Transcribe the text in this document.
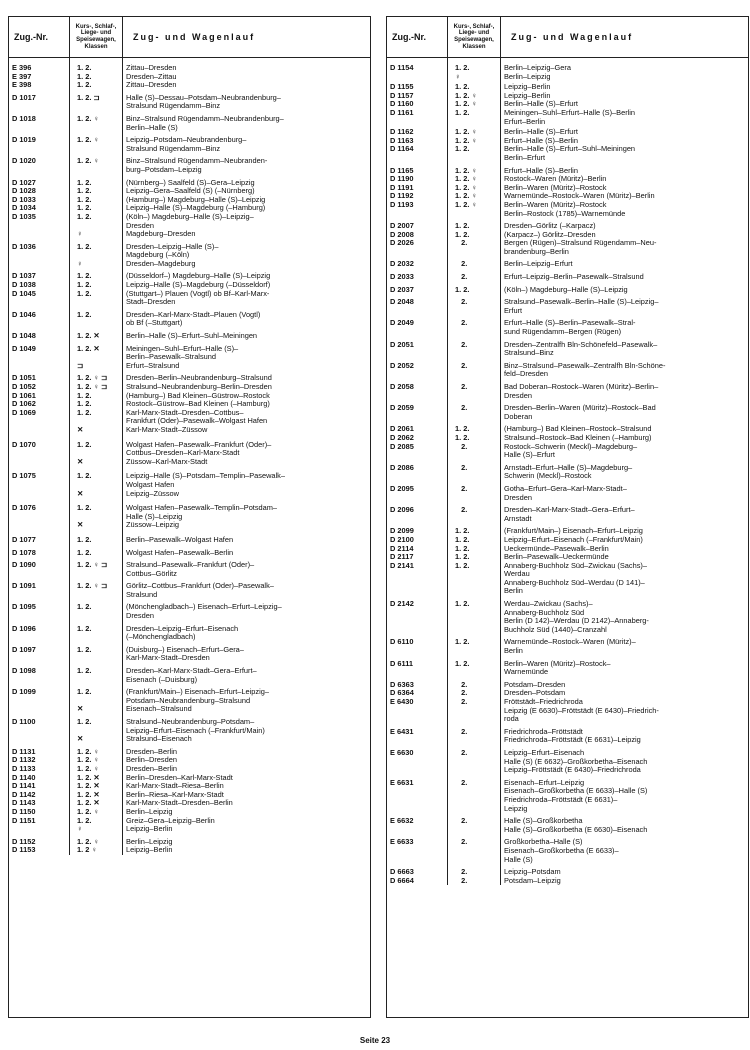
Zug.-Nr.
Kurs-, Schlaf-,
Liege- und
Speisewagen,
Klassen
Zug- und Wagenlauf
E 396	1. 2.	Zittau–Dresden
E 397	1. 2.	Dresden–Zittau
E 398	1. 2.	Zittau–Dresden
D 1017	1. 2. ⊐	Halle (S)–Dessau–Potsdam–Neubrandenburg–
Stralsund Rügendamm–Binz
D 1018	1. 2. ♀	Binz–Stralsund Rügendamm–Neubrandenburg–
Berlin–Halle (S)
D 1019	1. 2. ♀	Leipzig–Potsdam–Neubrandenburg–
Stralsund Rügendamm–Binz
D 1020	1. 2. ♀	Binz–Stralsund Rügendamm–Neubranden-
burg–Potsdam–Leipzig
D 1027	1. 2.	(Nürnberg–) Saalfeld (S)–Gera–Leipzig
D 1028	1. 2.	Leipzig–Gera–Saalfeld (S) (–Nürnberg)
D 1033	1. 2.	(Hamburg–) Magdeburg–Halle (S)–Leipzig
D 1034	1. 2.	Leipzig–Halle (S)–Magdeburg (–Hamburg)
D 1035	1. 2.	(Köln–) Magdeburg–Halle (S)–Leipzig–
Dresden
♀	Magdeburg–Dresden
D 1036	1. 2.	Dresden–Leipzig–Halle (S)–
Magdeburg (–Köln)
♀	Dresden–Magdeburg
D 1037	1. 2.	(Düsseldorf–) Magdeburg–Halle (S)–Leipzig
D 1038	1. 2.	Leipzig–Halle (S)–Magdeburg (–Düsseldorf)
D 1045	1. 2.	(Stuttgart–) Plauen (Vogtl) ob Bf–Karl-Marx-
Stadt–Dresden
D 1046	1. 2.	Dresden–Karl-Marx-Stadt–Plauen (Vogtl)
ob Bf (–Stuttgart)
D 1048	1. 2. ✕	Berlin–Halle (S)–Erfurt–Suhl–Meiningen
D 1049	1. 2. ✕	Meiningen–Suhl–Erfurt–Halle (S)–
Berlin–Pasewalk–Stralsund
⊐	Erfurt–Stralsund
D 1051	1. 2. ♀ ⊐	Dresden–Berlin–Neubrandenburg–Stralsund
D 1052	1. 2. ♀ ⊐	Stralsund–Neubrandenburg–Berlin–Dresden
D 1061	1. 2.	(Hamburg–) Bad Kleinen–Güstrow–Rostock
D 1062	1. 2.	Rostock–Güstrow–Bad Kleinen (–Hamburg)
D 1069	1. 2.	Karl-Marx-Stadt–Dresden–Cottbus–
Frankfurt (Oder)–Pasewalk–Wolgast Hafen
✕	Karl-Marx-Stadt–Züssow
D 1070	1. 2.	Wolgast Hafen–Pasewalk–Frankfurt (Oder)–
Cottbus–Dresden–Karl-Marx-Stadt
✕	Züssow–Karl-Marx-Stadt
D 1075	1. 2.	Leipzig–Halle (S)–Potsdam–Templin–Pasewalk–
Wolgast Hafen
✕	Leipzig–Züssow
D 1076	1. 2.	Wolgast Hafen–Pasewalk–Templin–Potsdam–
Halle (S)–Leipzig
✕	Züssow–Leipzig
D 1077	1. 2.	Berlin–Pasewalk–Wolgast Hafen
D 1078	1. 2.	Wolgast Hafen–Pasewalk–Berlin
D 1090	1. 2. ♀ ⊐	Stralsund–Pasewalk–Frankfurt (Oder)–
Cottbus–Görlitz
D 1091	1. 2. ♀ ⊐	Görlitz–Cottbus–Frankfurt (Oder)–Pasewalk–
Stralsund
D 1095	1. 2.	(Mönchengladbach–) Eisenach–Erfurt–Leipzig–
Dresden
D 1096	1. 2.	Dresden–Leipzig–Erfurt–Eisenach
(–Mönchengladbach)
D 1097	1. 2.	(Duisburg–) Eisenach–Erfurt–Gera–
Karl-Marx-Stadt–Dresden
D 1098	1. 2.	Dresden–Karl-Marx-Stadt–Gera–Erfurt–
Eisenach (–Duisburg)
D 1099	1. 2.	(Frankfurt/Main–) Eisenach–Erfurt–Leipzig–
Potsdam–Neubrandenburg–Stralsund
✕	Eisenach–Stralsund
D 1100	1. 2.	Stralsund–Neubrandenburg–Potsdam–
Leipzig–Erfurt–Eisenach (–Frankfurt/Main)
✕	Stralsund–Eisenach
D 1131	1. 2. ♀	Dresden–Berlin
D 1132	1. 2. ♀	Berlin–Dresden
D 1133	1. 2. ♀	Dresden–Berlin
D 1140	1. 2. ✕	Berlin–Dresden–Karl-Marx-Stadt
D 1141	1. 2. ✕	Karl-Marx-Stadt–Riesa–Berlin
D 1142	1. 2. ✕	Berlin–Riesa–Karl-Marx-Stadt
D 1143	1. 2. ✕	Karl-Marx-Stadt–Dresden–Berlin
D 1150	1. 2. ♀	Berlin–Leipzig
D 1151	1. 2.	Greiz–Gera–Leipzig–Berlin
♀	Leipzig–Berlin
D 1152	1. 2. ♀	Berlin–Leipzig
D 1153	1. 2 ♀	Leipzig–Berlin
Zug.-Nr.
Kurs-, Schlaf-,
Liege- und
Speisewagen,
Klassen
Zug- und Wagenlauf
D 1154	1. 2.	Berlin–Leipzig–Gera
♀	Berlin–Leipzig
D 1155	1. 2.	Leipzig–Berlin
D 1157	1. 2. ♀	Leipzig–Berlin
D 1160	1. 2. ♀	Berlin–Halle (S)–Erfurt
D 1161	1. 2.	Meiningen–Suhl–Erfurt–Halle (S)–Berlin
Erfurt–Berlin
D 1162	1. 2. ♀	Berlin–Halle (S)–Erfurt
D 1163	1. 2. ♀	Erfurt–Halle (S)–Berlin
D 1164	1. 2.	Berlin–Halle (S)–Erfurt–Suhl–Meiningen
Berlin–Erfurt
D 1165	1. 2. ♀	Erfurt–Halle (S)–Berlin
D 1190	1. 2. ♀	Rostock–Waren (Müritz)–Berlin
D 1191	1. 2. ♀	Berlin–Waren (Müritz)–Rostock
D 1192	1. 2. ♀	Warnemünde–Rostock–Waren (Müritz)–Berlin
D 1193	1. 2. ♀	Berlin–Waren (Müritz)–Rostock
Berlin–Rostock (1785)–Warnemünde
D 2007	1. 2.	Dresden–Görlitz (–Karpacz)
D 2008	1. 2.	(Karpacz–) Görlitz–Dresden
D 2026	2.	Bergen (Rügen)–Stralsund Rügendamm–Neu-
brandenburg–Berlin
D 2032	2.	Berlin–Leipzig–Erfurt
D 2033	2.	Erfurt–Leipzig–Berlin–Pasewalk–Stralsund
D 2037	1. 2.	(Köln–) Magdeburg–Halle (S)–Leipzig
D 2048	2.	Stralsund–Pasewalk–Berlin–Halle (S)–Leipzig–
Erfurt
D 2049	2.	Erfurt–Halle (S)–Berlin–Pasewalk–Stral-
sund Rügendamm–Bergen (Rügen)
D 2051	2.	Dresden–Zentralfh Bln-Schönefeld–Pasewalk–
Stralsund–Binz
D 2052	2.	Binz–Stralsund–Pasewalk–Zentralfh Bln-Schöne-
feld–Dresden
D 2058	2.	Bad Doberan–Rostock–Waren (Müritz)–Berlin–
Dresden
D 2059	2.	Dresden–Berlin–Waren (Müritz)–Rostock–Bad
Doberan
D 2061	1. 2.	(Hamburg–) Bad Kleinen–Rostock–Stralsund
D 2062	1. 2.	Stralsund–Rostock–Bad Kleinen (–Hamburg)
D 2085	2.	Rostock–Schwerin (Meckl)–Magdeburg–
Halle (S)–Erfurt
D 2086	2.	Arnstadt–Erfurt–Halle (S)–Magdeburg–
Schwerin (Meckl)–Rostock
D 2095	2.	Gotha–Erfurt–Gera–Karl-Marx-Stadt–
Dresden
D 2096	2.	Dresden–Karl-Marx-Stadt–Gera–Erfurt–
Arnstadt
D 2099	1. 2.	(Frankfurt/Main–) Eisenach–Erfurt–Leipzig
D 2100	1. 2.	Leipzig–Erfurt–Eisenach (–Frankfurt/Main)
D 2114	1. 2.	Ueckermünde–Pasewalk–Berlin
D 2117	1. 2.	Berlin–Pasewalk–Ueckermünde
D 2141	1. 2.	Annaberg-Buchholz Süd–Zwickau (Sachs)–
Werdau
Annaberg-Buchholz Süd–Werdau (D 141)–
Berlin
D 2142	1. 2.	Werdau–Zwickau (Sachs)–
Annaberg-Buchholz Süd
Berlin (D 142)–Werdau (D 2142)–Annaberg-
Buchholz Süd (1440)–Cranzahl
D 6110	1. 2.	Warnemünde–Rostock–Waren (Müritz)–
Berlin
D 6111	1. 2.	Berlin–Waren (Müritz)–Rostock–
Warnemünde
D 6363	2.	Potsdam–Dresden
D 6364	2.	Dresden–Potsdam
E 6430	2.	Fröttstädt–Friedrichroda
Leipzig (E 6630)–Fröttstädt (E 6430)–Friedrich-
roda
E 6431	2.	Friedrichroda–Fröttstädt
Friedrichroda–Fröttstädt (E 6631)–Leipzig
E 6630	2.	Leipzig–Erfurt–Eisenach
Halle (S) (E 6632)–Großkorbetha–Eisenach
Leipzig–Fröttstädt (E 6430)–Friedrichroda
E 6631	2.	Eisenach–Erfurt–Leipzig
Eisenach–Großkorbetha (E 6633)–Halle (S)
Friedrichroda–Fröttstädt (E 6631)–
Leipzig
E 6632	2.	Halle (S)–Großkorbetha
Halle (S)–Großkorbetha (E 6630)–Eisenach
E 6633	2.	Großkorbetha–Halle (S)
Eisenach–Großkorbetha (E 6633)–
Halle (S)
D 6663	2.	Leipzig–Potsdam
D 6664	2.	Potsdam–Leipzig
Seite 23
